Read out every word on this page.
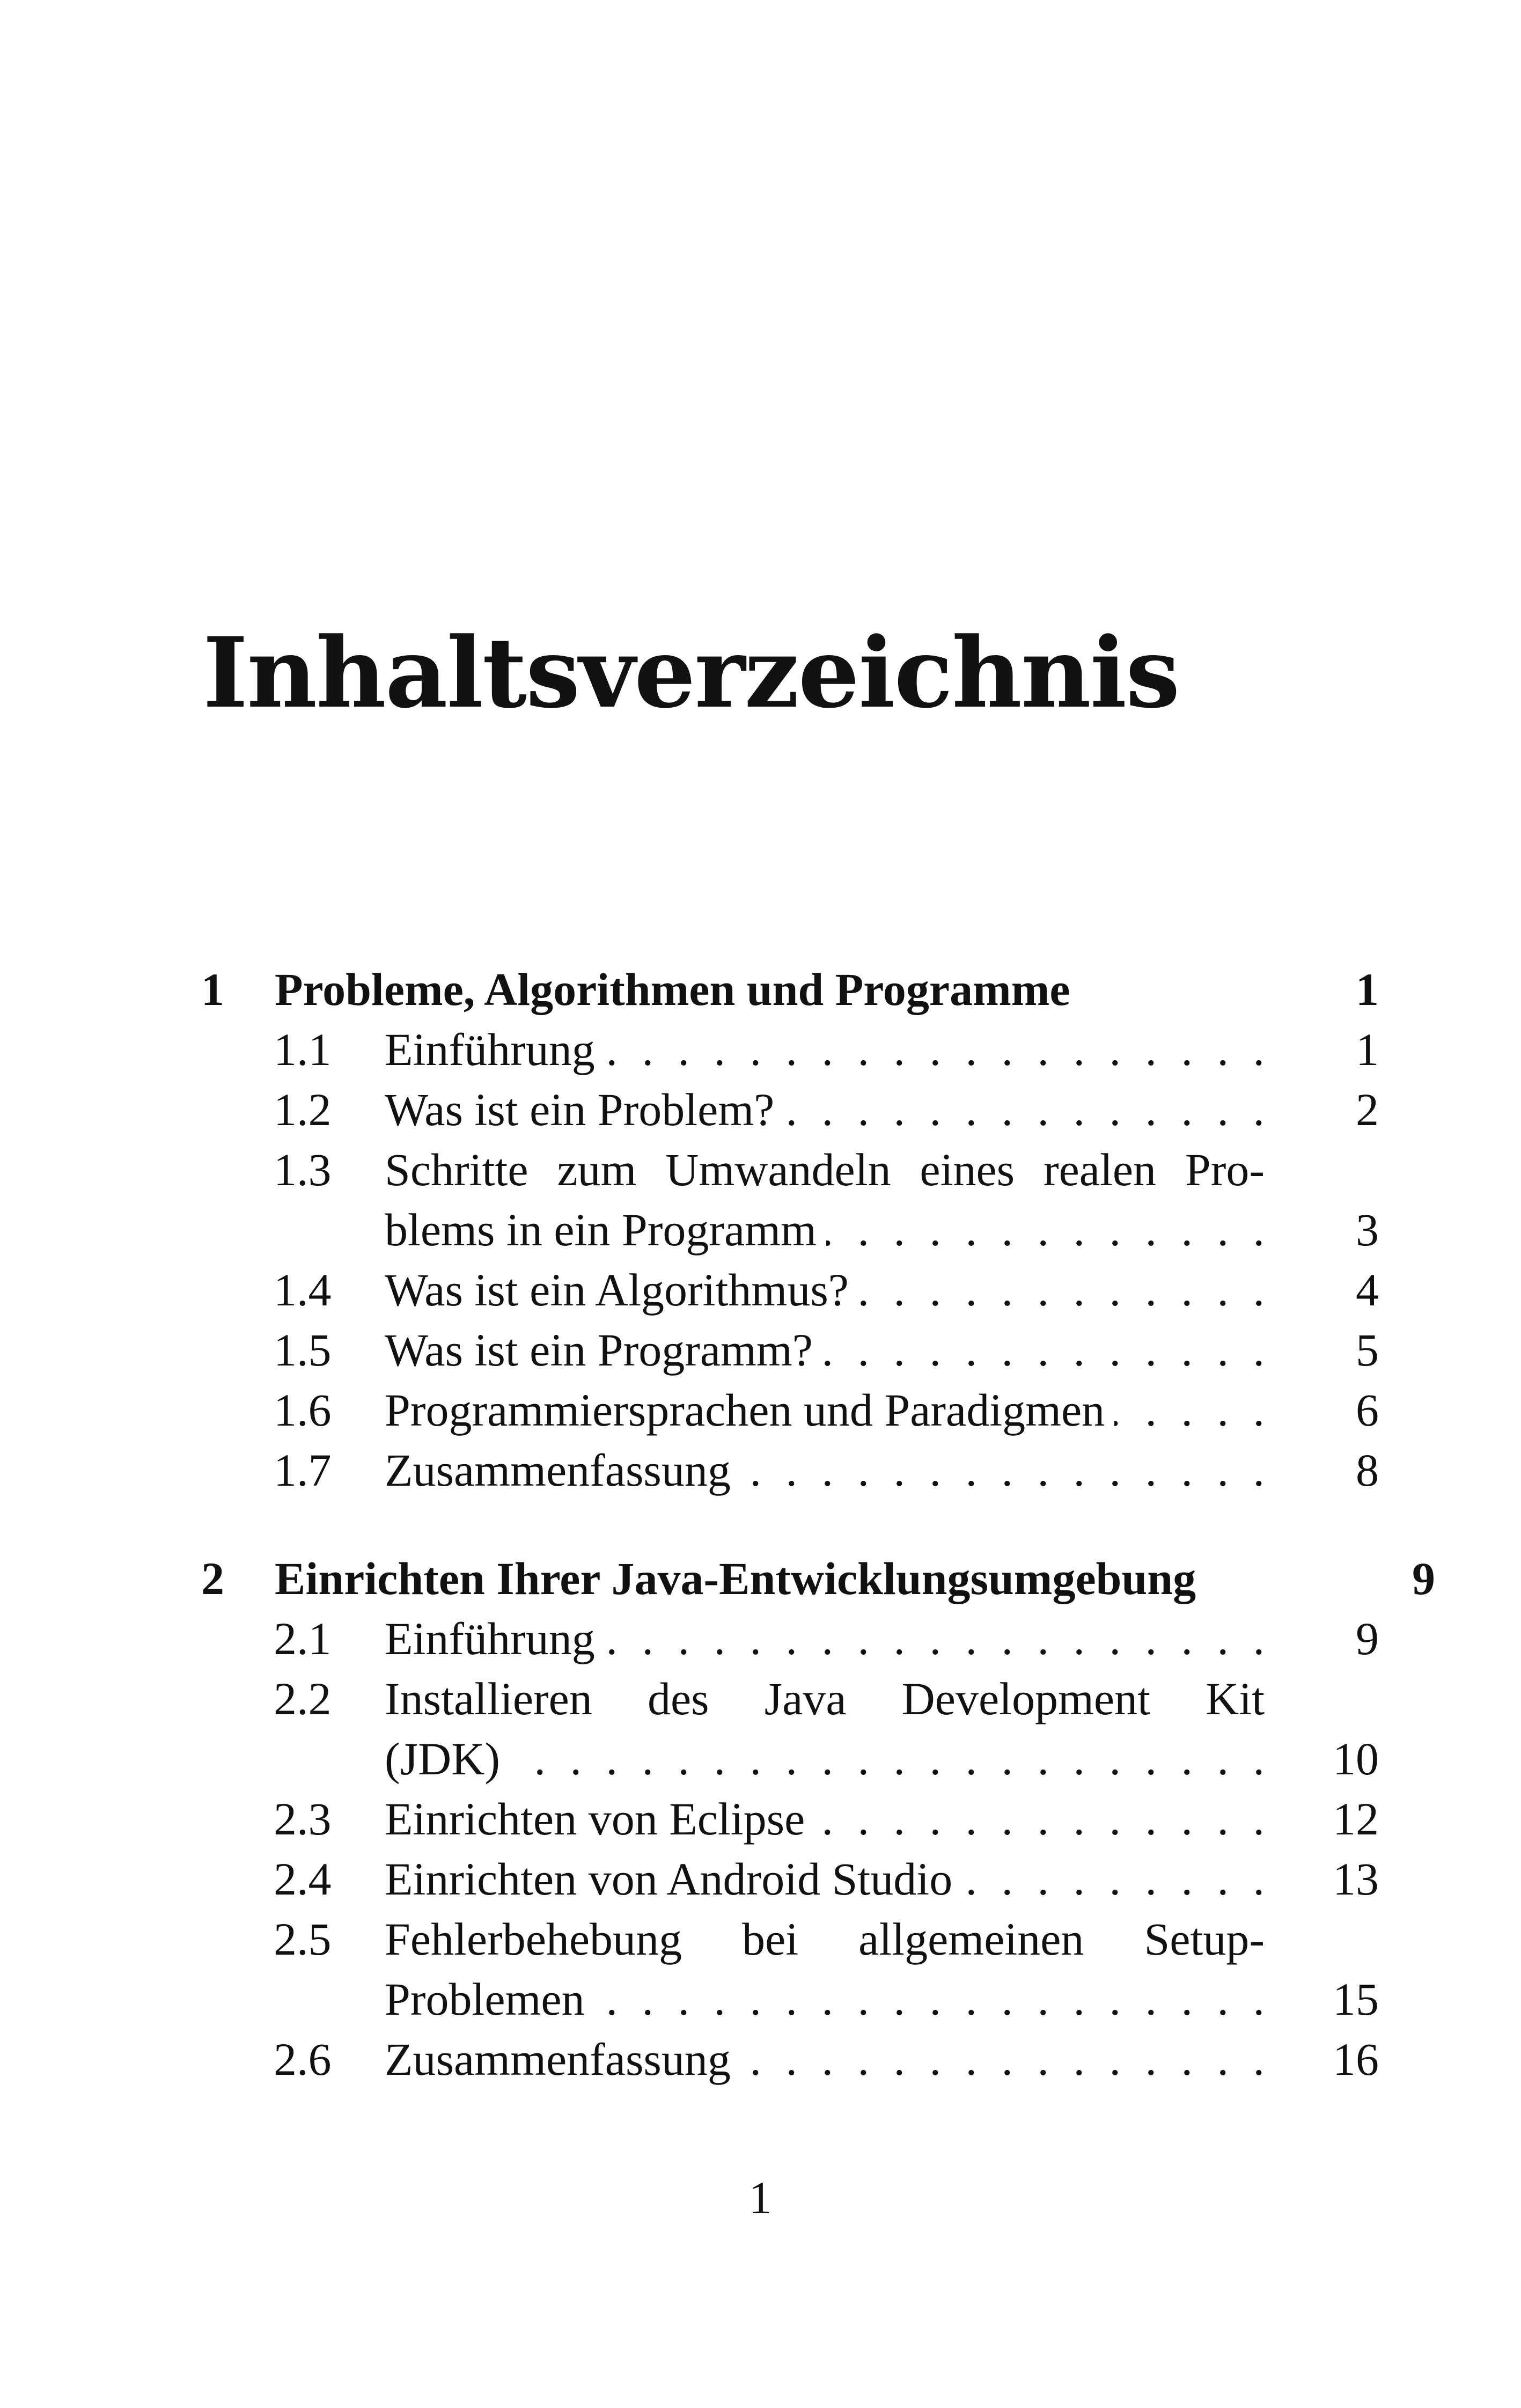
Inhaltsverzeichnis
1 Probleme, Algorithmen und Programme	1
1.1 . . . Einführung	1
1.2 . . . Was ist ein Problem?	2
1.3 Schritte zum Umwandeln eines realen Pro-
. . .
blems in ein Programm	3
1.4 . . . Was ist ein Algorithmus?	4
1.5 . . . Was ist ein Programm?	5
1.6 . . . Programmiersprachen und Paradigmen	6
1.7 . . . Zusammenfassung	8
2 Einrichten Ihrer Java-Entwicklungsumgebung	9
2.1 . . . Einführung	9
2.2 Installieren des Java Development Kit
. . .
(JDK)	10
2.3 . . . Einrichten von Eclipse	12
2.4 . . . Einrichten von Android Studio	13
2.5 Fehlerbehebung bei allgemeinen Setup-
. . .
Problemen	15
2.6 . . . Zusammenfassung	16
1
